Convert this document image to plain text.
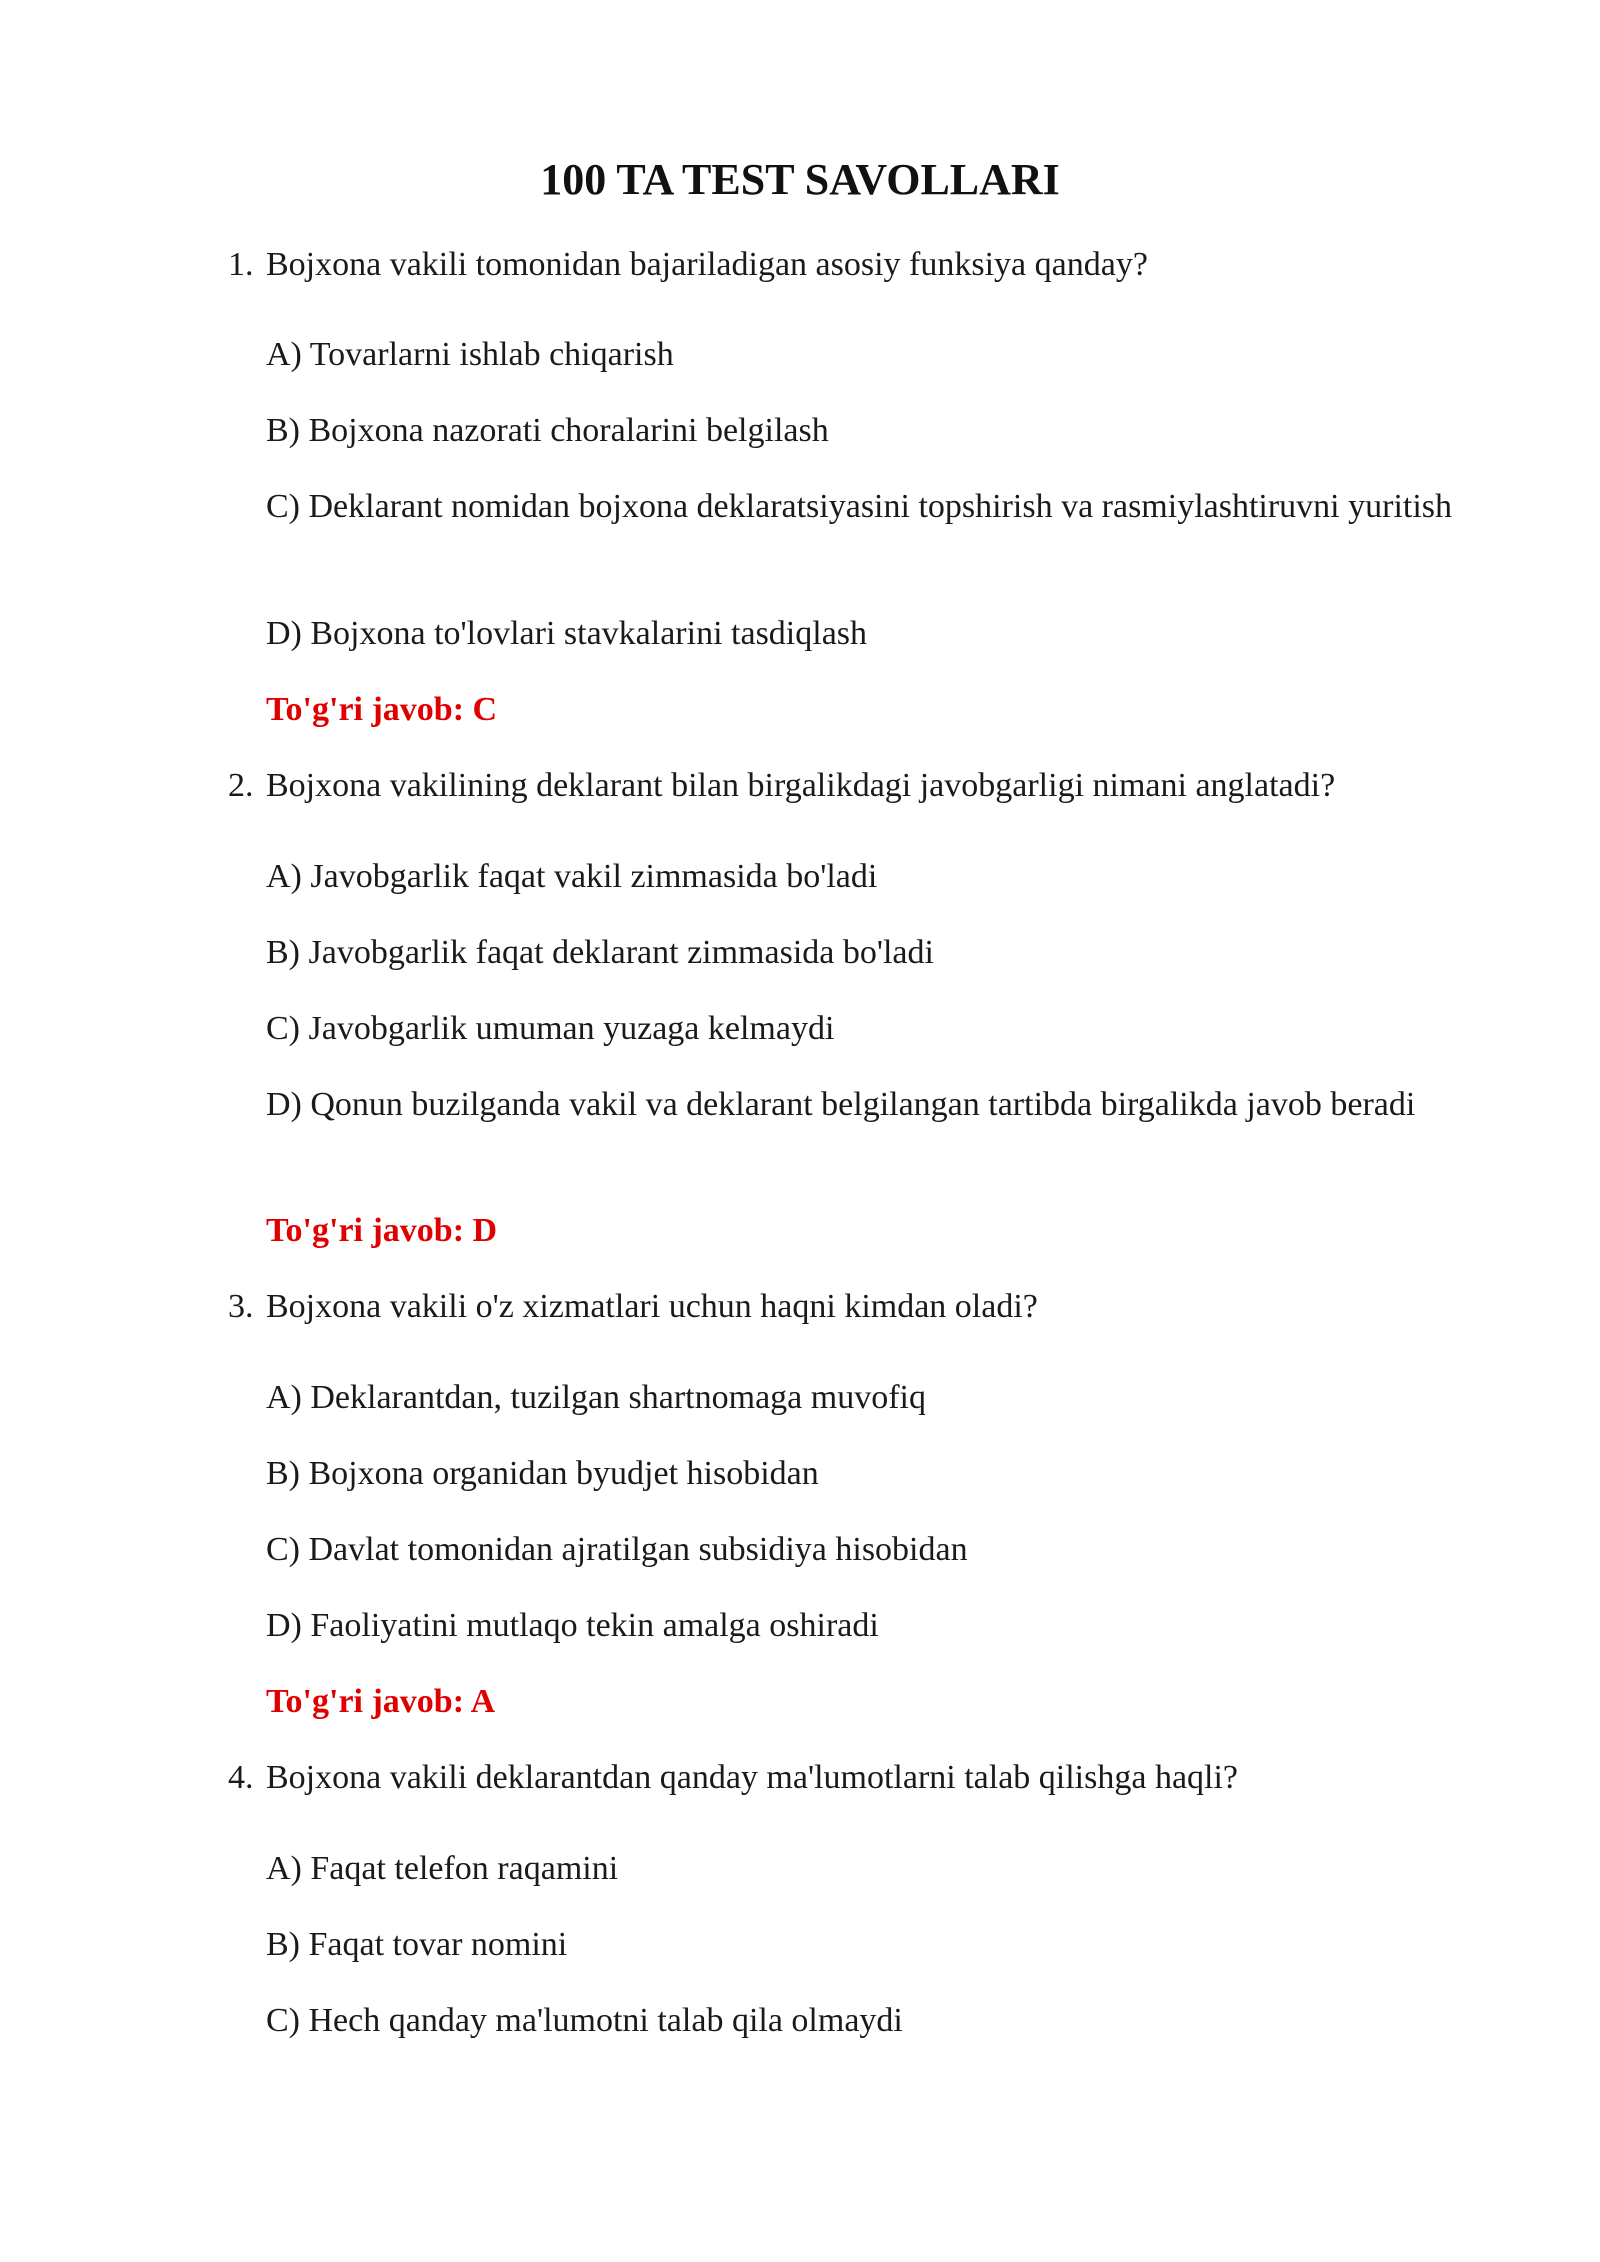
100 TA TEST SAVOLLARI

1. Bojxona vakili tomonidan bajariladigan asosiy funksiya qanday?

A) Tovarlarni ishlab chiqarish

B) Bojxona nazorati choralarini belgilash

C) Deklarant nomidan bojxona deklaratsiyasini topshirish va rasmiylashtiruvni yuritish

D) Bojxona to'lovlari stavkalarini tasdiqlash

To'g'ri javob: C

2. Bojxona vakilining deklarant bilan birgalikdagi javobgarligi nimani anglatadi?

A) Javobgarlik faqat vakil zimmasida bo'ladi

B) Javobgarlik faqat deklarant zimmasida bo'ladi

C) Javobgarlik umuman yuzaga kelmaydi

D) Qonun buzilganda vakil va deklarant belgilangan tartibda birgalikda javob beradi

To'g'ri javob: D

3. Bojxona vakili o'z xizmatlari uchun haqni kimdan oladi?

A) Deklarantdan, tuzilgan shartnomaga muvofiq

B) Bojxona organidan byudjet hisobidan

C) Davlat tomonidan ajratilgan subsidiya hisobidan

D) Faoliyatini mutlaqo tekin amalga oshiradi

To'g'ri javob: A

4. Bojxona vakili deklarantdan qanday ma'lumotlarni talab qilishga haqli?

A) Faqat telefon raqamini

B) Faqat tovar nomini

C) Hech qanday ma'lumotni talab qila olmaydi
